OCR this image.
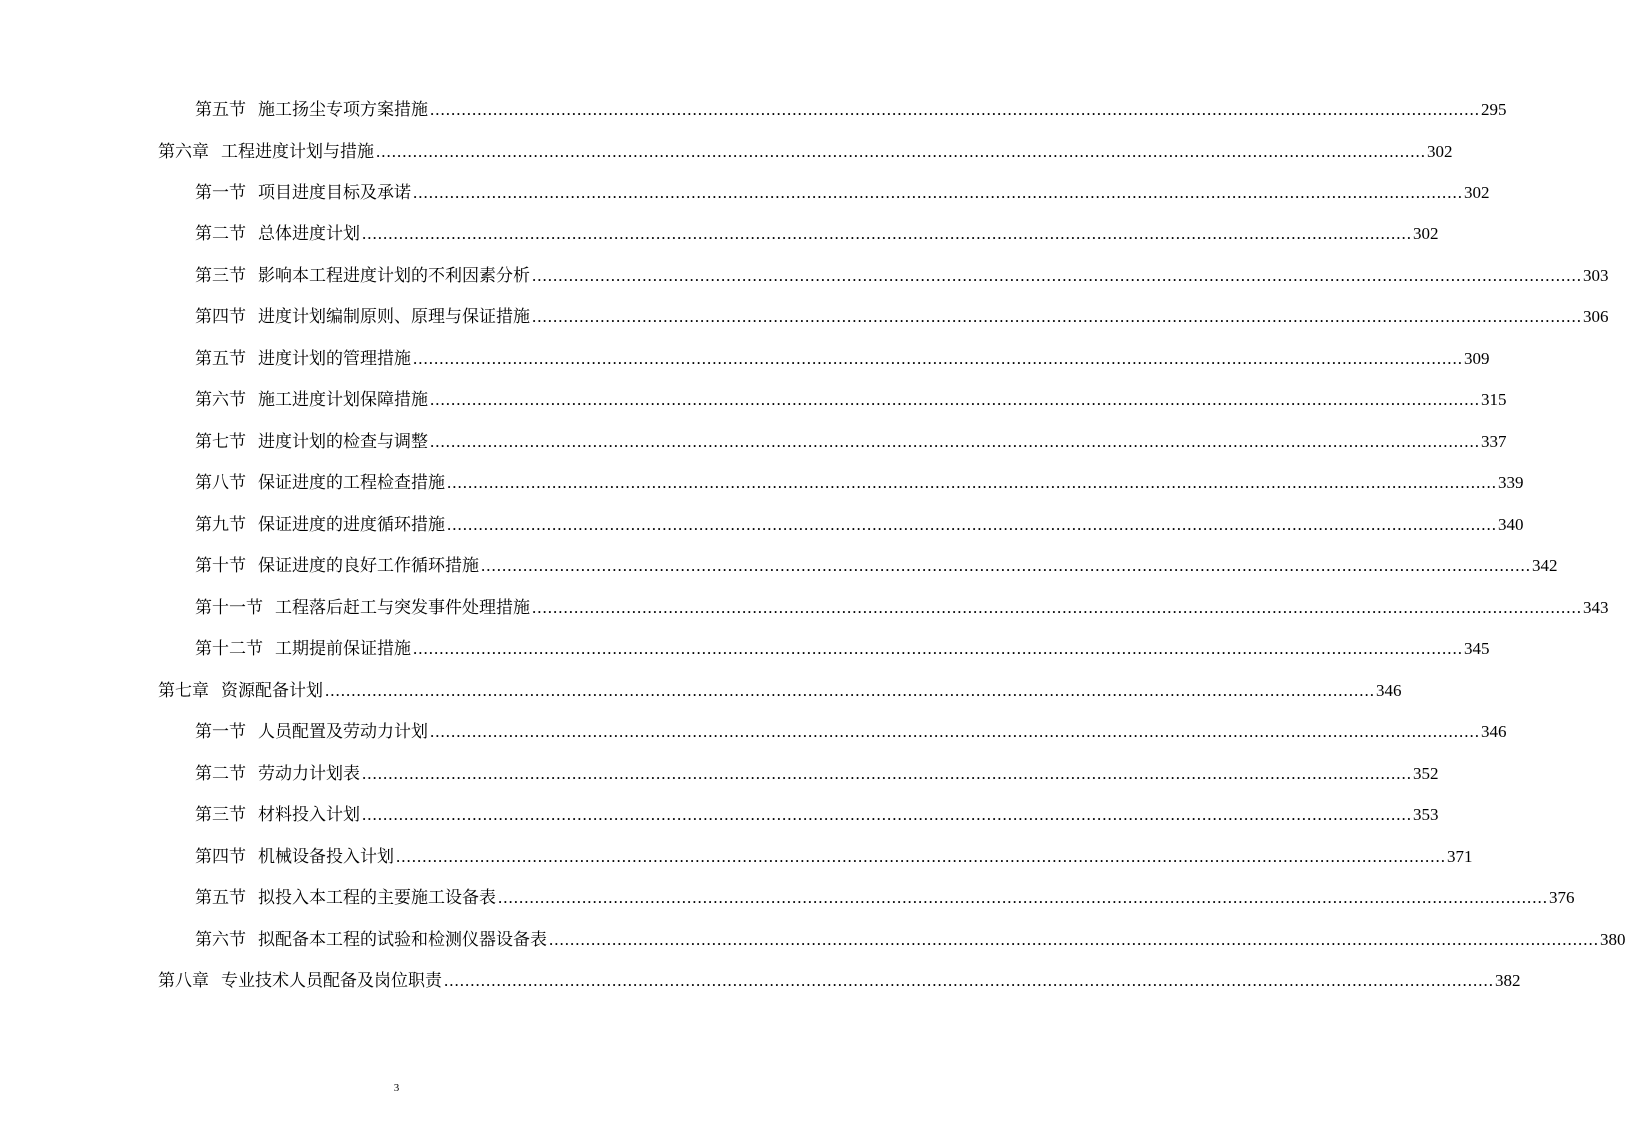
第五节 施工扬尘专项方案措施 ........................................................................................................................................................................................................ 295
第六章 工程进度计划与措施 ........................................................................................................................................................................................................ 302
第一节 项目进度目标及承诺 ........................................................................................................................................................................................................ 302
第二节 总体进度计划 ........................................................................................................................................................................................................ 302
第三节 影响本工程进度计划的不利因素分析 ........................................................................................................................................................................................................ 303
第四节 进度计划编制原则、原理与保证措施 ........................................................................................................................................................................................................ 306
第五节 进度计划的管理措施 ........................................................................................................................................................................................................ 309
第六节 施工进度计划保障措施 ........................................................................................................................................................................................................ 315
第七节 进度计划的检查与调整 ........................................................................................................................................................................................................ 337
第八节 保证进度的工程检查措施 ........................................................................................................................................................................................................ 339
第九节 保证进度的进度循环措施 ........................................................................................................................................................................................................ 340
第十节 保证进度的良好工作循环措施 ........................................................................................................................................................................................................ 342
第十一节 工程落后赶工与突发事件处理措施 ........................................................................................................................................................................................................ 343
第十二节 工期提前保证措施 ........................................................................................................................................................................................................ 345
第七章 资源配备计划 ........................................................................................................................................................................................................ 346
第一节 人员配置及劳动力计划 ........................................................................................................................................................................................................ 346
第二节 劳动力计划表 ........................................................................................................................................................................................................ 352
第三节 材料投入计划 ........................................................................................................................................................................................................ 353
第四节 机械设备投入计划 ........................................................................................................................................................................................................ 371
第五节 拟投入本工程的主要施工设备表 ........................................................................................................................................................................................................ 376
第六节 拟配备本工程的试验和检测仪器设备表 ........................................................................................................................................................................................................ 380
第八章 专业技术人员配备及岗位职责 ........................................................................................................................................................................................................ 382
3
